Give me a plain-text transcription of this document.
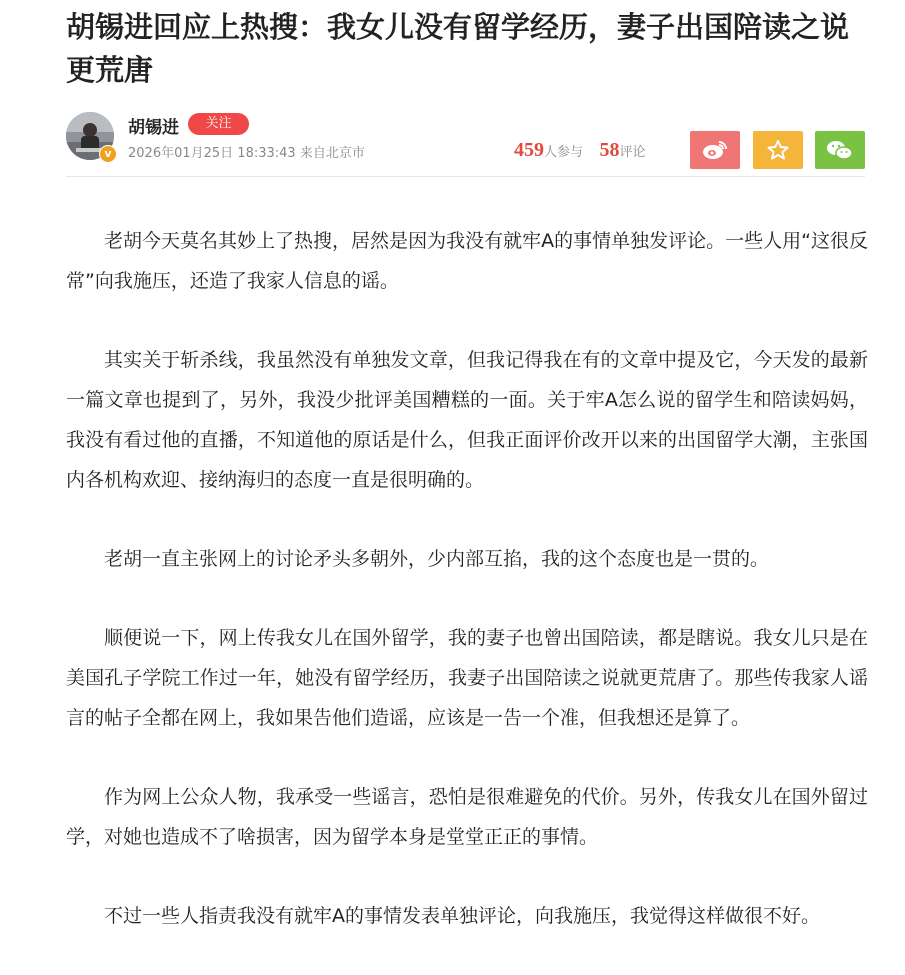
胡锡进回应上热搜：我女儿没有留学经历，妻子出国陪读之说更荒唐
v
胡锡进	关注
2026年01月25日 18:33:43 来自北京市	459人参与 58评论

老胡今天莫名其妙上了热搜，居然是因为我没有就牢A的事情单独发评论。一些人用“这很反常”向我施压，还造了我家人信息的谣。

其实关于斩杀线，我虽然没有单独发文章，但我记得我在有的文章中提及它，今天发的最新一篇文章也提到了，另外，我没少批评美国糟糕的一面。关于牢A怎么说的留学生和陪读妈妈，我没有看过他的直播，不知道他的原话是什么，但我正面评价改开以来的出国留学大潮，主张国内各机构欢迎、接纳海归的态度一直是很明确的。

老胡一直主张网上的讨论矛头多朝外，少内部互掐，我的这个态度也是一贯的。

顺便说一下，网上传我女儿在国外留学，我的妻子也曾出国陪读，都是瞎说。我女儿只是在美国孔子学院工作过一年，她没有留学经历，我妻子出国陪读之说就更荒唐了。那些传我家人谣言的帖子全都在网上，我如果告他们造谣，应该是一告一个准，但我想还是算了。

作为网上公众人物，我承受一些谣言，恐怕是很难避免的代价。另外，传我女儿在国外留过学，对她也造成不了啥损害，因为留学本身是堂堂正正的事情。

不过一些人指责我没有就牢A的事情发表单独评论，向我施压，我觉得这样做很不好。
